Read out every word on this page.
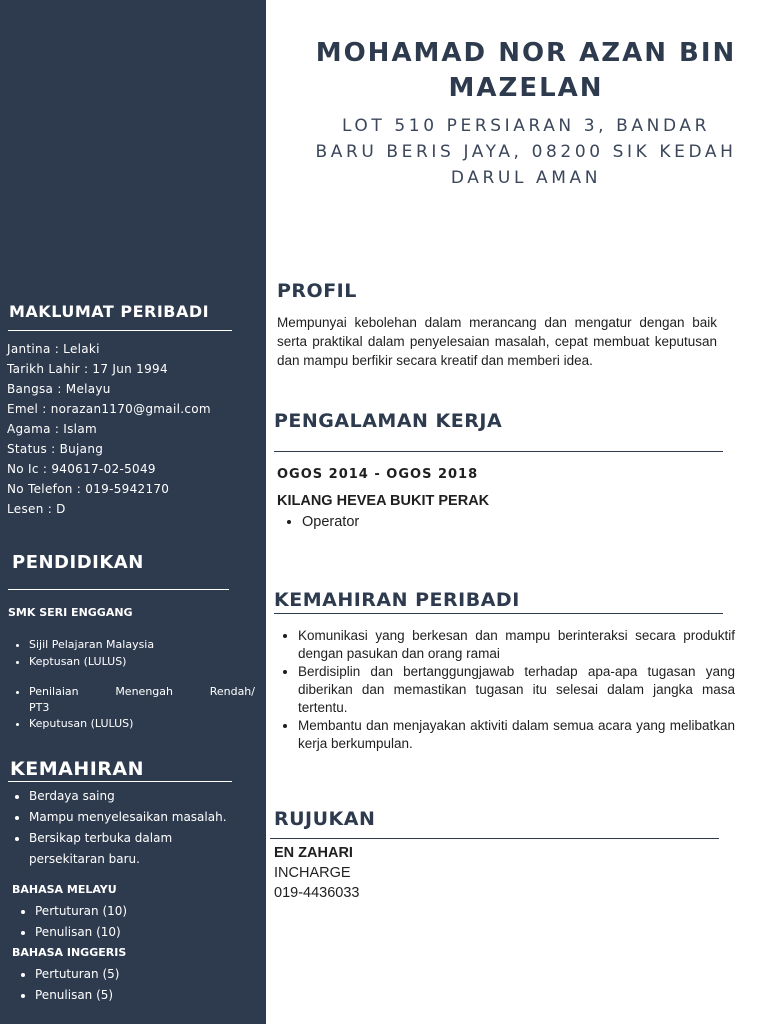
MAKLUMAT PERIBADI
Jantina : Lelaki
Tarikh Lahir : 17 Jun 1994
Bangsa : Melayu
Emel : norazan1170@gmail.com
Agama : Islam
Status : Bujang
No Ic : 940617-02-5049
No Telefon : 019-5942170
Lesen : D
PENDIDIKAN
SMK SERI ENGGANG
• Sijil Pelajaran Malaysia
• Keptusan (LULUS)
• Penilaian Menengah Rendah/
PT3
• Keputusan (LULUS)
KEMAHIRAN
• Berdaya saing
• Mampu menyelesaikan masalah.
• Bersikap terbuka dalam
persekitaran baru.
BAHASA MELAYU
• Pertuturan (10)
• Penulisan (10)
BAHASA INGGERIS
• Pertuturan (5)
• Penulisan (5)
MOHAMAD NOR AZAN BIN
MAZELAN
LOT 510 PERSIARAN 3, BANDAR
BARU BERIS JAYA, 08200 SIK KEDAH
DARUL AMAN
PROFIL
Mempunyai kebolehan dalam merancang dan mengatur dengan baik serta praktikal dalam penyelesaian masalah, cepat membuat keputusan dan mampu berfikir secara kreatif dan memberi idea.
PENGALAMAN KERJA
OGOS 2014 - OGOS 2018
KILANG HEVEA BUKIT PERAK
• Operator
KEMAHIRAN PERIBADI
• Komunikasi yang berkesan dan mampu berinteraksi secara produktif dengan pasukan dan orang ramai
• Berdisiplin dan bertanggungjawab terhadap apa-apa tugasan yang diberikan dan memastikan tugasan itu selesai dalam jangka masa tertentu.
• Membantu dan menjayakan aktiviti dalam semua acara yang melibatkan kerja berkumpulan.
RUJUKAN
EN ZAHARI
INCHARGE
019-4436033
